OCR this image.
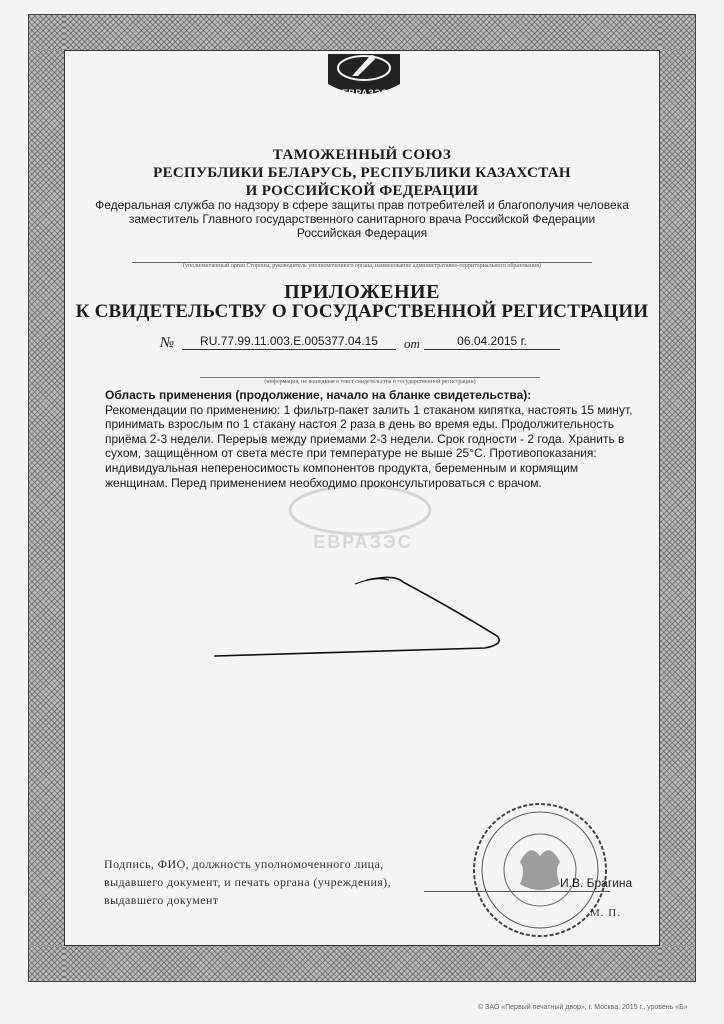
ЕВРАЗЭС
ТАМОЖЕННЫЙ СОЮЗ
РЕСПУБЛИКИ БЕЛАРУСЬ, РЕСПУБЛИКИ КАЗАХСТАН
И РОССИЙСКОЙ ФЕДЕРАЦИИ
Федеральная служба по надзору в сфере защиты прав потребителей и благополучия человека
заместитель Главного государственного санитарного врача Российской Федерации
Российская Федерация
(уполномоченный орган Стороны, руководитель уполномоченного органа, наименование административно-территориального образования)
ПРИЛОЖЕНИЕ
К СВИДЕТЕЛЬСТВУ О ГОСУДАРСТВЕННОЙ РЕГИСТРАЦИИ
№	RU.77.99.11.003.Е.005377.04.15	от	06.04.2015 г.
(информация, не вошедшая в текст свидетельства о государственной регистрации)
Область применения (продолжение, начало на бланке свидетельства):
Рекомендации по применению: 1 фильтр-пакет залить 1 стаканом кипятка, настоять 15 минут, принимать взрослым по 1 стакану настоя 2 раза в день во время еды. Продолжительность приёма 2-3 недели. Перерыв между приемами 2-3 недели. Срок годности - 2 года. Хранить в сухом, защищённом от света месте при температуре не выше 25°С. Противопоказания: индивидуальная непереносимость компонентов продукта, беременным и кормящим женщинам. Перед применением необходимо проконсультироваться с врачом.
ЕВРАЗЭС
Подпись, ФИО, должность уполномоченного лица, выдавшего документ, и печать органа (учреждения), выдавшего документ
И.В. Брагина
М. П.
© ЗАО «Первый печатный двор», г. Москва, 2015 г., уровень «Б»
